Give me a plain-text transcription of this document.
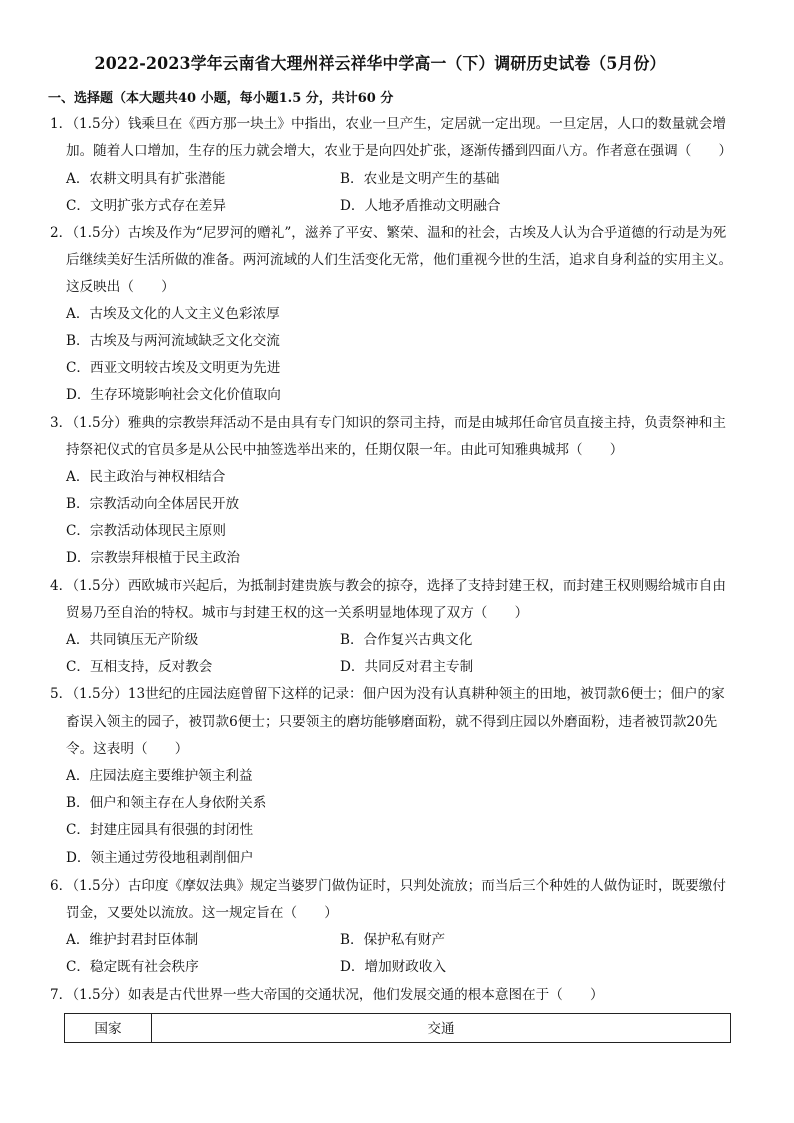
2022-2023学年云南省大理州祥云祥华中学高一（下）调研历史试卷（5月份）
一、选择题（本大题共40 小题，每小题1.5 分，共计60 分
1．（1.5分）钱乘旦在《西方那一块土》中指出，农业一旦产生，定居就一定出现。一旦定居，人口的数量就会增
加。随着人口增加，生存的压力就会增大，农业于是向四处扩张，逐渐传播到四面八方。作者意在强调（　　）
A．农耕文明具有扩张潜能	B．农业是文明产生的基础
C．文明扩张方式存在差异	D．人地矛盾推动文明融合
2．（1.5分）古埃及作为“尼罗河的赠礼”，滋养了平安、繁荣、温和的社会，古埃及人认为合乎道德的行动是为死
后继续美好生活所做的准备。两河流域的人们生活变化无常，他们重视今世的生活，追求自身利益的实用主义。
这反映出（　　）
A．古埃及文化的人文主义色彩浓厚
B．古埃及与两河流域缺乏文化交流
C．西亚文明较古埃及文明更为先进
D．生存环境影响社会文化价值取向
3．（1.5分）雅典的宗教崇拜活动不是由具有专门知识的祭司主持，而是由城邦任命官员直接主持，负责祭神和主
持祭祀仪式的官员多是从公民中抽签选举出来的，任期仅限一年。由此可知雅典城邦（　　）
A．民主政治与神权相结合
B．宗教活动向全体居民开放
C．宗教活动体现民主原则
D．宗教崇拜根植于民主政治
4．（1.5分）西欧城市兴起后，为抵制封建贵族与教会的掠夺，选择了支持封建王权，而封建王权则赐给城市自由
贸易乃至自治的特权。城市与封建王权的这一关系明显地体现了双方（　　）
A．共同镇压无产阶级	B．合作复兴古典文化
C．互相支持，反对教会	D．共同反对君主专制
5．（1.5分）13世纪的庄园法庭曾留下这样的记录：佃户因为没有认真耕种领主的田地，被罚款6便士；佃户的家
畜误入领主的园子，被罚款6便士；只要领主的磨坊能够磨面粉，就不得到庄园以外磨面粉，违者被罚款20先
令。这表明（　　）
A．庄园法庭主要维护领主利益
B．佃户和领主存在人身依附关系
C．封建庄园具有很强的封闭性
D．领主通过劳役地租剥削佃户
6．（1.5分）古印度《摩奴法典》规定当婆罗门做伪证时，只判处流放；而当后三个种姓的人做伪证时，既要缴付
罚金，又要处以流放。这一规定旨在（　　）
A．维护封君封臣体制	B．保护私有财产
C．稳定既有社会秩序	D．增加财政收入
7．（1.5分）如表是古代世界一些大帝国的交通状况，他们发展交通的根本意图在于（　　）
国家	交通
